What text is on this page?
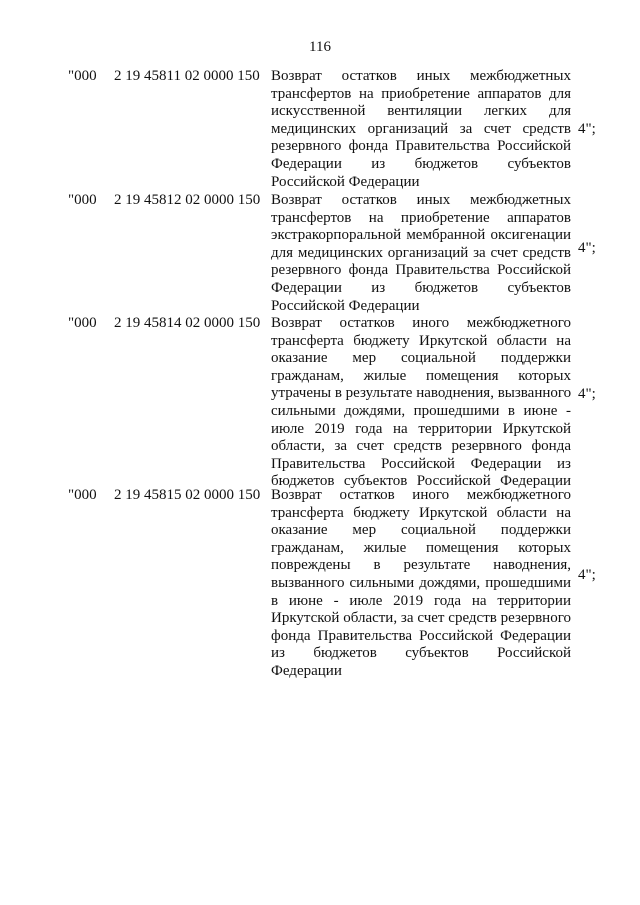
116
"000 2 19 45811 02 0000 150 Возврат остатков иных межбюджетных
трансфертов на приобретение аппаратов для
искусственной вентиляции легких для
медицинских организаций за счет средств
резервного фонда Правительства Российской
Федерации из бюджетов субъектов
Российской Федерации
4";
"000 2 19 45812 02 0000 150 Возврат остатков иных межбюджетных
трансфертов на приобретение аппаратов
экстракорпоральной мембранной оксигенации
для медицинских организаций за счет средств
резервного фонда Правительства Российской
Федерации из бюджетов субъектов
Российской Федерации
4";
"000 2 19 45814 02 0000 150 Возврат остатков иного межбюджетного
трансферта бюджету Иркутской области на
оказание мер социальной поддержки
гражданам, жилые помещения которых
утрачены в результате наводнения, вызванного
сильными дождями, прошедшими в июне -
июле 2019 года на территории Иркутской
области, за счет средств резервного фонда
Правительства Российской Федерации из
бюджетов субъектов Российской Федерации
4";
"000 2 19 45815 02 0000 150 Возврат остатков иного межбюджетного
трансферта бюджету Иркутской области на
оказание мер социальной поддержки
гражданам, жилые помещения которых
повреждены в результате наводнения,
вызванного сильными дождями, прошедшими
в июне - июле 2019 года на территории
Иркутской области, за счет средств резервного
фонда Правительства Российской Федерации
из бюджетов субъектов Российской
Федерации
4";
